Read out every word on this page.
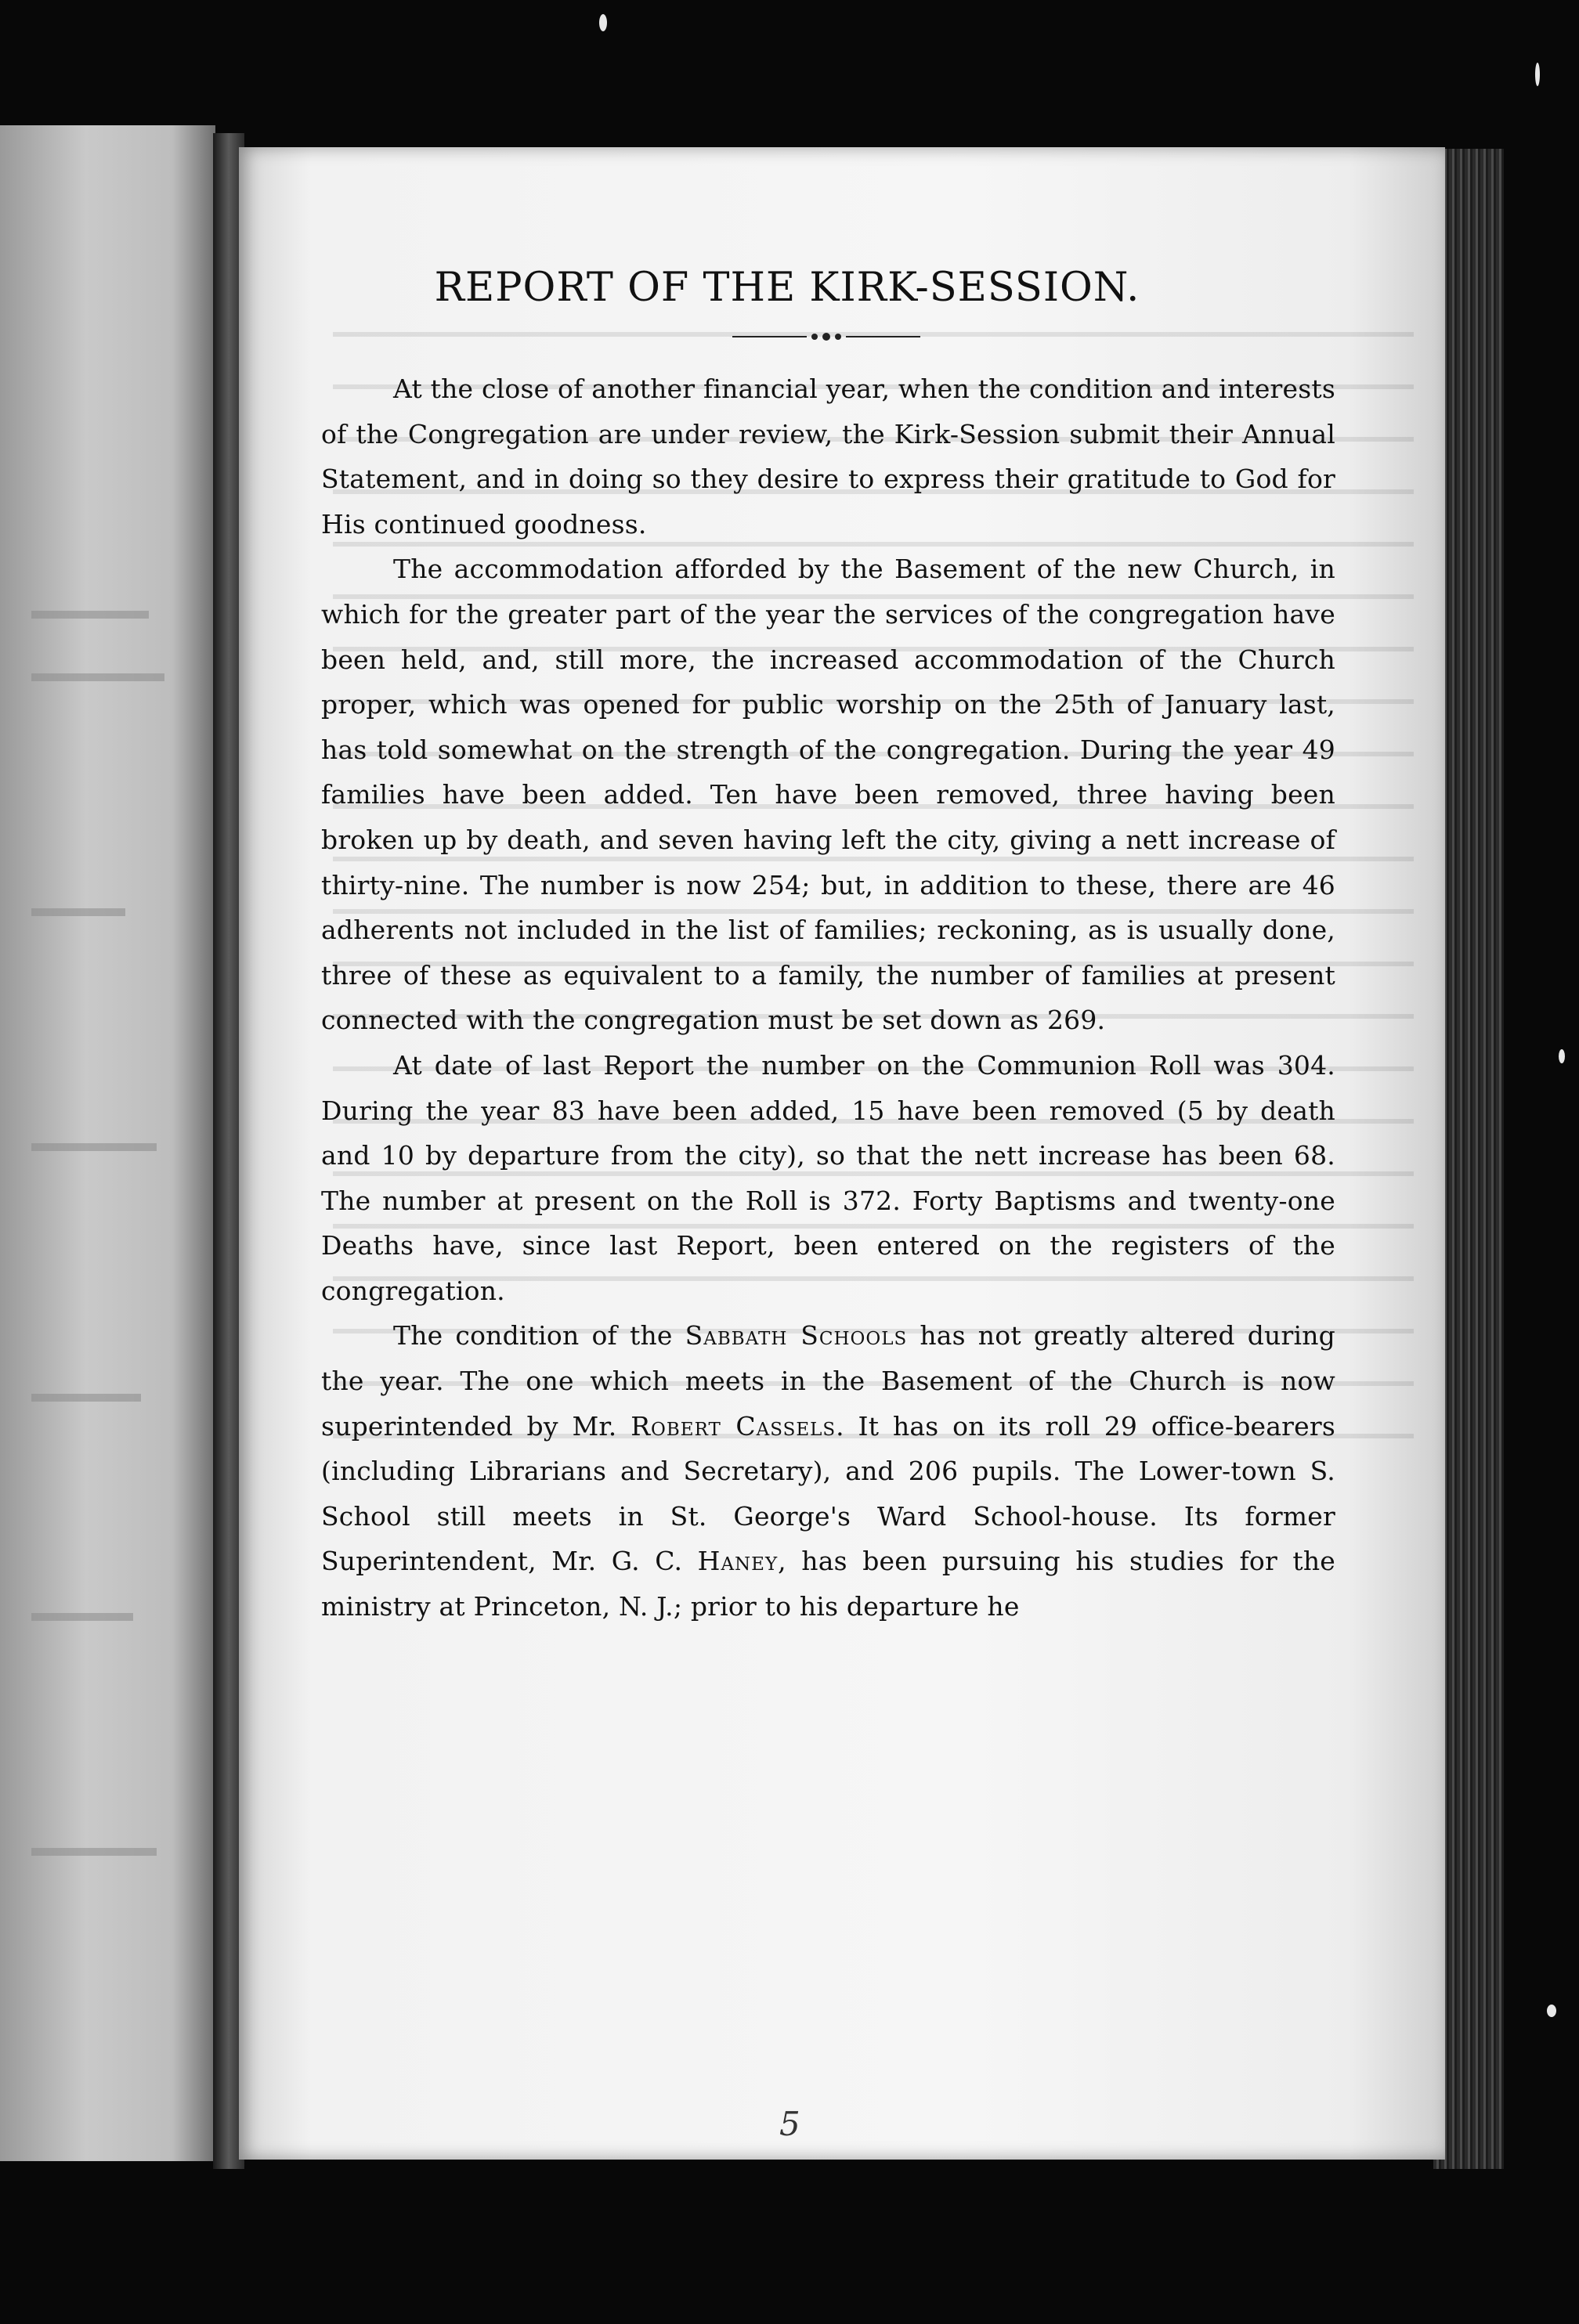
REPORT OF THE KIRK-SESSION.

At the close of another financial year, when the condition and interests of the Congregation are under review, the Kirk-Session submit their Annual Statement, and in doing so they desire to express their gratitude to God for His continued goodness.

The accommodation afforded by the Basement of the new Church, in which for the greater part of the year the services of the congregation have been held, and, still more, the increased accommodation of the Church proper, which was opened for public worship on the 25th of January last, has told somewhat on the strength of the congregation. During the year 49 families have been added. Ten have been removed, three having been broken up by death, and seven having left the city, giving a nett increase of thirty-nine. The number is now 254; but, in addition to these, there are 46 adherents not included in the list of families; reckoning, as is usually done, three of these as equivalent to a family, the number of families at present connected with the congregation must be set down as 269.

At date of last Report the number on the Communion Roll was 304. During the year 83 have been added, 15 have been removed (5 by death and 10 by departure from the city), so that the nett increase has been 68. The number at present on the Roll is 372. Forty Baptisms and twenty-one Deaths have, since last Report, been entered on the registers of the congregation.

The condition of the Sabbath Schools has not greatly altered during the year. The one which meets in the Basement of the Church is now superintended by Mr. Robert Cassels. It has on its roll 29 office-bearers (including Librarians and Secretary), and 206 pupils. The Lower-town S. School still meets in St. George's Ward School-house. Its former Superintendent, Mr. G. C. Haney, has been pursuing his studies for the ministry at Princeton, N. J.; prior to his departure he

5
